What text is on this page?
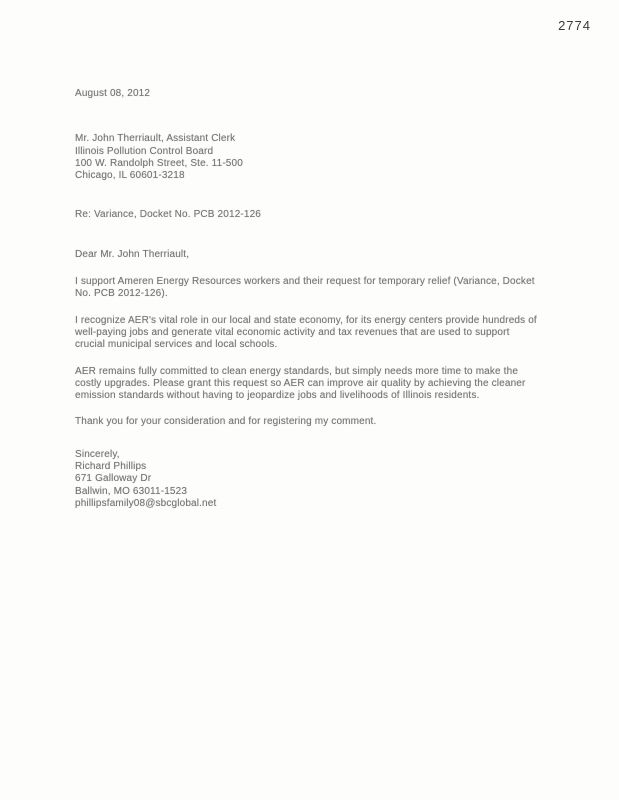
2774
August 08, 2012
Mr. John Therriault, Assistant Clerk
Illinois Pollution Control Board
100 W. Randolph Street, Ste. 11-500
Chicago, IL 60601-3218
Re: Variance, Docket No. PCB 2012-126
Dear Mr. John Therriault,

I support Ameren Energy Resources workers and their request for temporary relief (Variance, Docket No. PCB 2012-126).

I recognize AER's vital role in our local and state economy, for its energy centers provide hundreds of well-paying jobs and generate vital economic activity and tax revenues that are used to support crucial municipal services and local schools.

AER remains fully committed to clean energy standards, but simply needs more time to make the costly upgrades. Please grant this request so AER can improve air quality by achieving the cleaner emission standards without having to jeopardize jobs and livelihoods of Illinois residents.

Thank you for your consideration and for registering my comment.

Sincerely,
Richard Phillips
671 Galloway Dr
Ballwin, MO 63011-1523
phillipsfamily08@sbcglobal.net
